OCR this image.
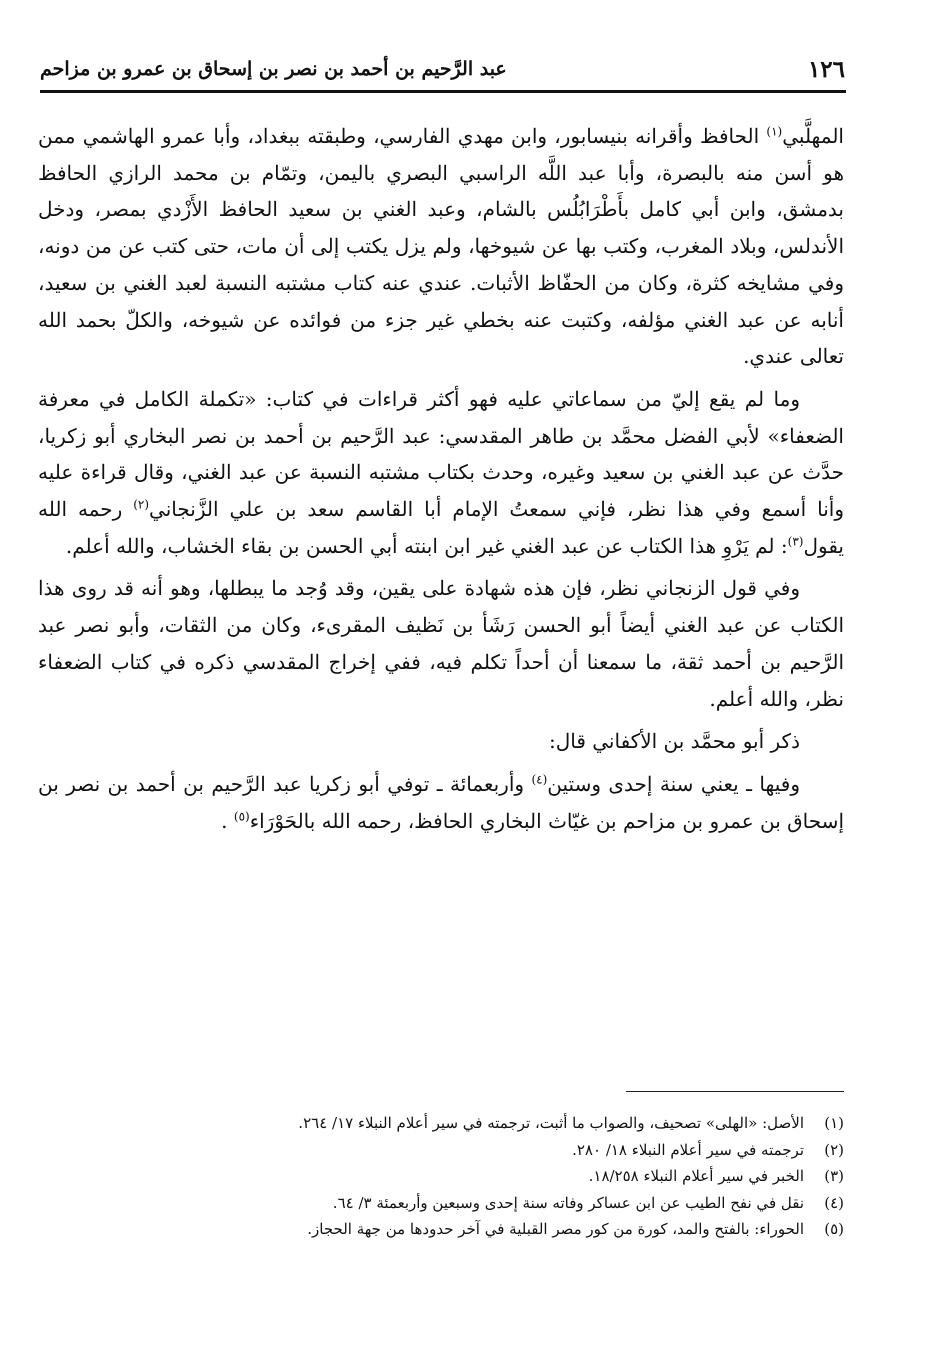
١٢٦
عبد الرَّحيم بن أحمد بن نصر بن إسحاق بن عمرو بن مزاحم

المهلَّبي$^{(١)}$ الحافظ وأقرانه بنيسابور، وابن مهدي الفارسي، وطبقته ببغداد، وأبا عمرو الهاشمي ممن هو أسن منه بالبصرة، وأبا عبد اللَّه الراسبي البصري باليمن، وتمّام بن محمد الرازي الحافظ بدمشق، وابن أبي كامل بأَطْرَابُلُس بالشام، وعبد الغني بن سعيد الحافظ الأَزْدي بمصر، ودخل الأندلس، وبلاد المغرب، وكتب بها عن شيوخها، ولم يزل يكتب إلى أن مات، حتى كتب عن من دونه، وفي مشايخه كثرة، وكان من الحفّاظ الأثبات. عندي عنه كتاب مشتبه النسبة لعبد الغني بن سعيد، أنابه عن عبد الغني مؤلفه، وكتبت عنه بخطي غير جزء من فوائده عن شيوخه، والكلّ بحمد الله تعالى عندي.

وما لم يقع إليّ من سماعاتي عليه فهو أكثر قراءات في كتاب: «تكملة الكامل في معرفة الضعفاء» لأبي الفضل محمَّد بن طاهر المقدسي: عبد الرَّحيم بن أحمد بن نصر البخاري أبو زكريا، حدَّث عن عبد الغني بن سعيد وغيره، وحدث بكتاب مشتبه النسبة عن عبد الغني، وقال قراءة عليه وأنا أسمع وفي هذا نظر، فإني سمعتُ الإمام أبا القاسم سعد بن علي الزَّنجاني$^{(٢)}$ رحمه الله يقول$^{(٣)}$: لم يَرْوِ هذا الكتاب عن عبد الغني غير ابن ابنته أبي الحسن بن بقاء الخشاب، والله أعلم.

وفي قول الزنجاني نظر، فإن هذه شهادة على يقين، وقد وُجد ما يبطلها، وهو أنه قد روى هذا الكتاب عن عبد الغني أيضاً أبو الحسن رَشَأ بن نَظيف المقرىء، وكان من الثقات، وأبو نصر عبد الرَّحيم بن أحمد ثقة، ما سمعنا أن أحداً تكلم فيه، ففي إخراج المقدسي ذكره في كتاب الضعفاء نظر، والله أعلم.

ذكر أبو محمَّد بن الأكفاني قال:

وفيها ـ يعني سنة إحدى وستين$^{(٤)}$ وأربعمائة ـ توفي أبو زكريا عبد الرَّحيم بن أحمد بن نصر بن إسحاق بن عمرو بن مزاحم بن غيّاث البخاري الحافظ، رحمه الله بالحَوْرَاء$^{(٥)}$ .

(١)الأصل: «الهلى» تصحيف، والصواب ما أثبت، ترجمته في سير أعلام النبلاء ١٧/ ٢٦٤.
(٢)ترجمته في سير أعلام النبلاء ١٨/ ٢٨٠.
(٣)الخبر في سير أعلام النبلاء ١٨/٢٥٨.
(٤)نقل في نفح الطيب عن ابن عساكر وفاته سنة إحدى وسبعين وأربعمئة ٣/ ٦٤.
(٥)الحوراء: بالفتح والمد، كورة من كور مصر القبلية في آخر حدودها من جهة الحجاز.
